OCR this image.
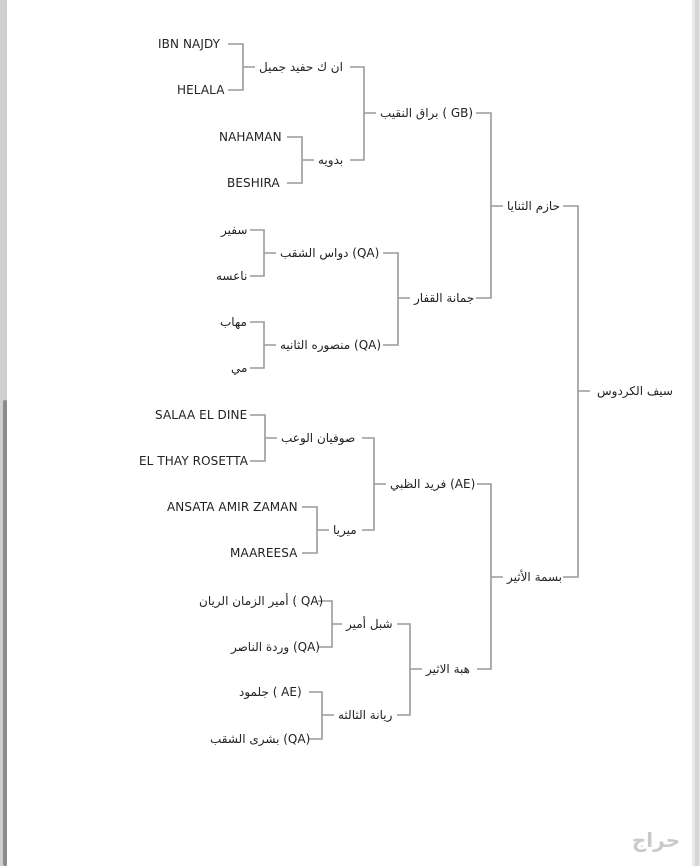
سيف الكردوس
حازم الثنايا
بسمة الأثير
براق النقيب ( GB)
جمانة القفار
فريد الظبي (AE)
هبة الاثير
ان ك حفيد جميل
بدويه
دواس الشقب (QA)
منصوره الثانيه (QA)
صوفيان الوعب
ميريا
شبل أمير
ريانة الثالثه
IBN NAJDY
HELALA
NAHAMAN
BESHIRA
سفير
ناعسه
مهاب
مي
SALAA EL DINE
EL THAY ROSETTA
ANSATA AMIR ZAMAN
MAAREESA
أمير الزمان الريان ( QA)
وردة الناصر (QA)
جلمود ( AE)
بشرى الشقب (QA)
حراج
